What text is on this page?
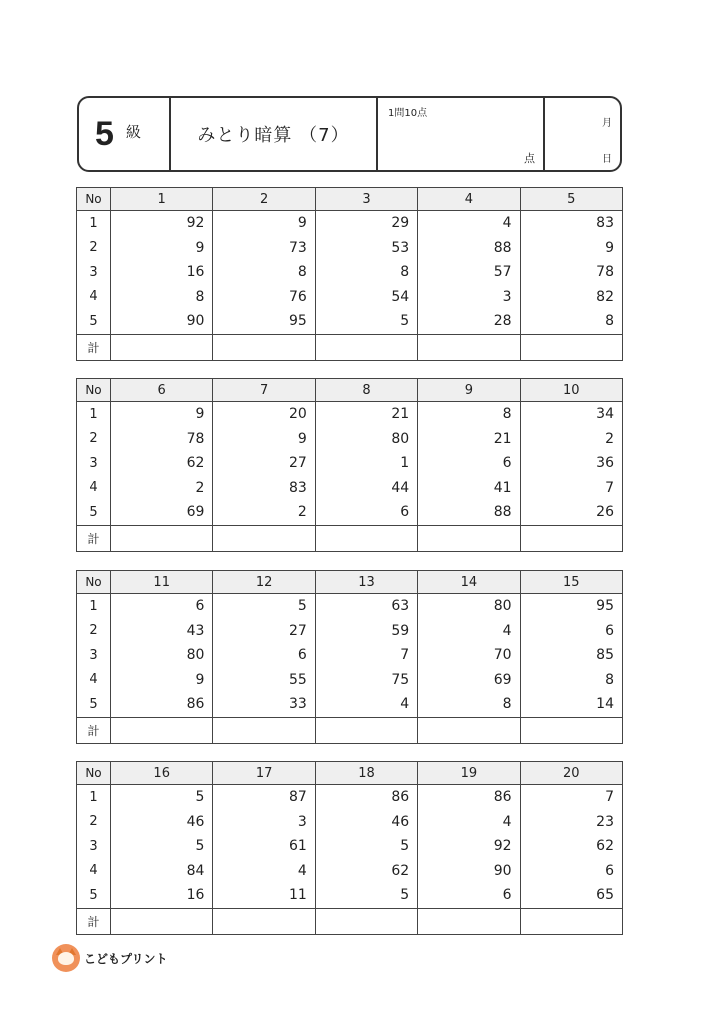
5 級	みとり暗算 （7）
1問10点
点
月
日
No	1	2	3	4	5
1	92	9	29	4	83
2	9	73	53	88	9
3	16	8	8	57	78
4	8	76	54	3	82
5	90	95	5	28	8
計					
No	6	7	8	9	10
1	9	20	21	8	34
2	78	9	80	21	2
3	62	27	1	6	36
4	2	83	44	41	7
5	69	2	6	88	26
計					
No	11	12	13	14	15
1	6	5	63	80	95
2	43	27	59	4	6
3	80	6	7	70	85
4	9	55	75	69	8
5	86	33	4	8	14
計					
No	16	17	18	19	20
1	5	87	86	86	7
2	46	3	46	4	23
3	5	61	5	92	62
4	84	4	62	90	6
5	16	11	5	6	65
計					
こどもプリント
